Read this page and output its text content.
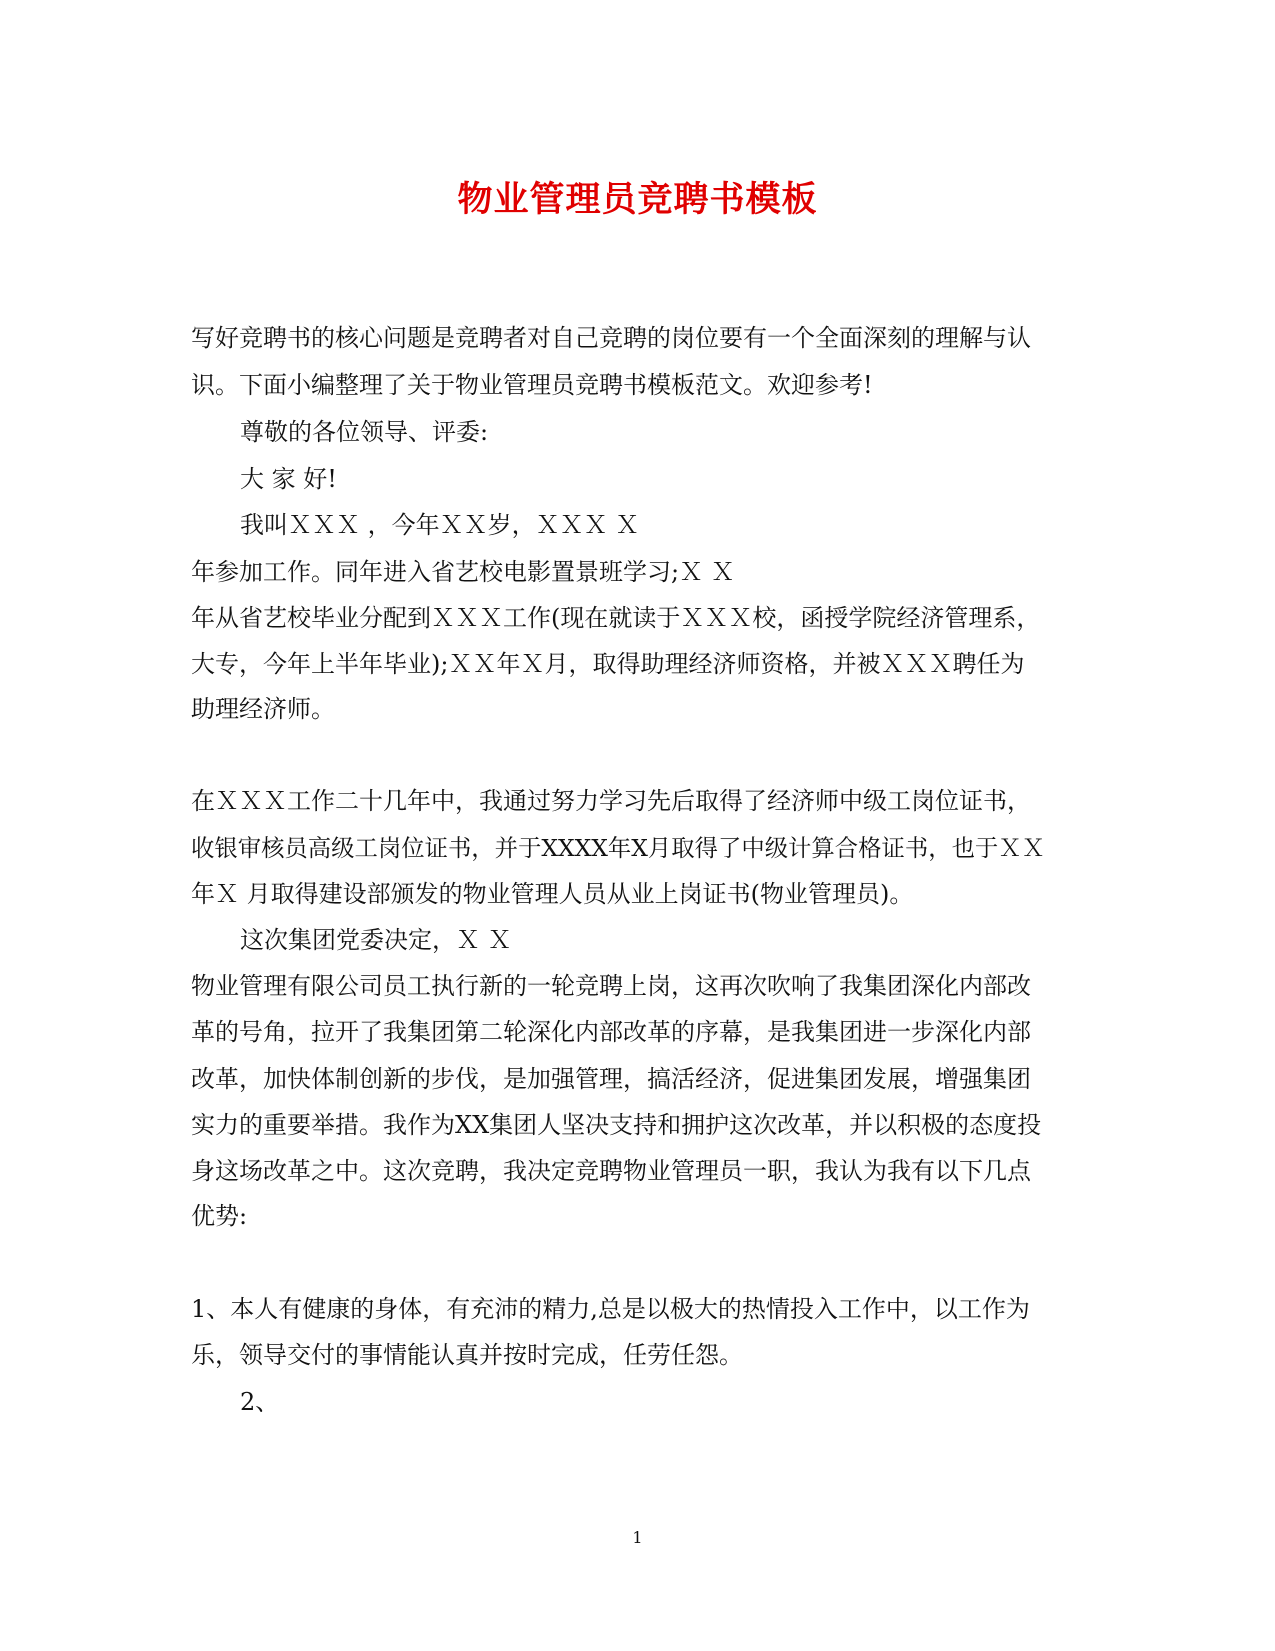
物业管理员竞聘书模板
写好竞聘书的核心问题是竞聘者对自己竞聘的岗位要有一个全面深刻的理解与认
识。下面小编整理了关于物业管理员竞聘书模板范文。欢迎参考!
尊敬的各位领导、评委:
大 家 好!
我叫ＸＸＸ ，今年ＸＸ岁，ＸＸＸ Ｘ
年参加工作。同年进入省艺校电影置景班学习;Ｘ Ｘ
年从省艺校毕业分配到ＸＸＸ工作(现在就读于ＸＸＸ校，函授学院经济管理系，
大专，今年上半年毕业);ＸＸ年Ｘ月，取得助理经济师资格，并被ＸＸＸ聘任为
助理经济师。
在ＸＸＸ工作二十几年中，我通过努力学习先后取得了经济师中级工岗位证书，
收银审核员高级工岗位证书，并于XXXX年X月取得了中级计算合格证书，也于ＸＸ
年Ｘ 月取得建设部颁发的物业管理人员从业上岗证书(物业管理员)。
这次集团党委决定，Ｘ Ｘ
物业管理有限公司员工执行新的一轮竞聘上岗，这再次吹响了我集团深化内部改
革的号角，拉开了我集团第二轮深化内部改革的序幕，是我集团进一步深化内部
改革，加快体制创新的步伐，是加强管理，搞活经济，促进集团发展，增强集团
实力的重要举措。我作为XX集团人坚决支持和拥护这次改革，并以积极的态度投
身这场改革之中。这次竞聘，我决定竞聘物业管理员一职，我认为我有以下几点
优势:
1、本人有健康的身体，有充沛的精力,总是以极大的热情投入工作中，以工作为
乐，领导交付的事情能认真并按时完成，任劳任怨。
2、
1
